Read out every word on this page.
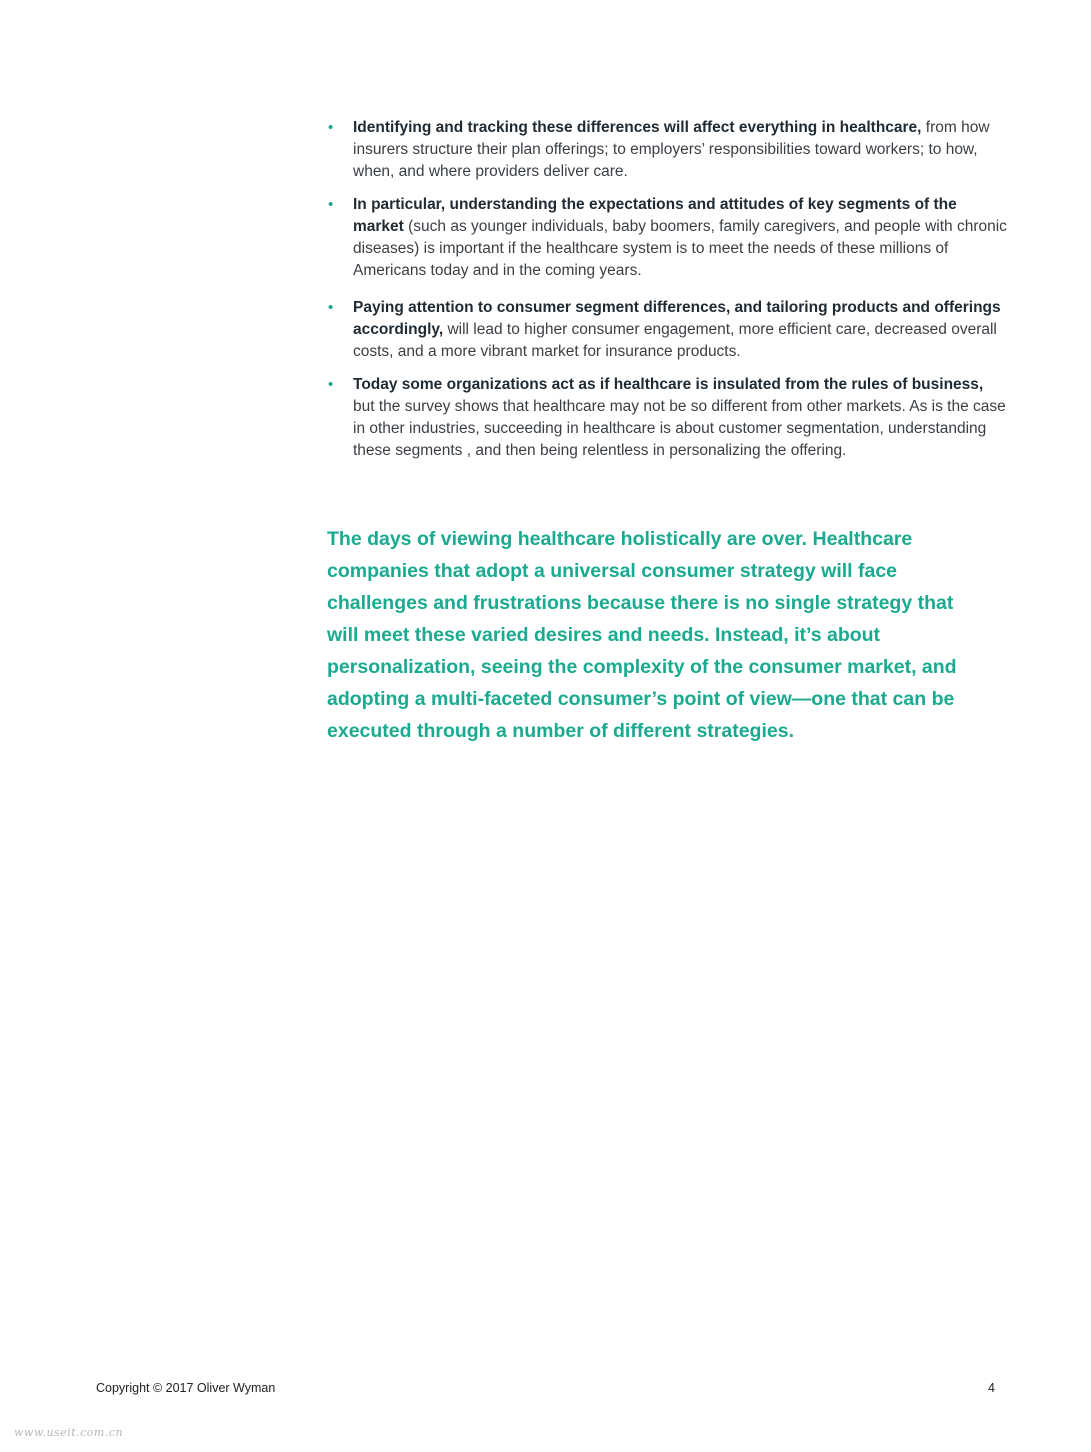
• Identifying and tracking these differences will affect everything in healthcare, from how insurers structure their plan offerings; to employers’ responsibilities toward workers; to how, when, and where providers deliver care.
• In particular, understanding the expectations and attitudes of key segments of the market (such as younger individuals, baby boomers, family caregivers, and people with chronic diseases) is important if the healthcare system is to meet the needs of these millions of Americans today and in the coming years.
• Paying attention to consumer segment differences, and tailoring products and offerings accordingly, will lead to higher consumer engagement, more efficient care, decreased overall costs, and a more vibrant market for insurance products.
• Today some organizations act as if healthcare is insulated from the rules of business, but the survey shows that healthcare may not be so different from other markets. As is the case in other industries, succeeding in healthcare is about customer segmentation, understanding these segments , and then being relentless in personalizing the offering.

The days of viewing healthcare holistically are over. Healthcare companies that adopt a universal consumer strategy will face challenges and frustrations because there is no single strategy that will meet these varied desires and needs. Instead, it’s about personalization, seeing the complexity of the consumer market, and adopting a multi-faceted consumer’s point of view—one that can be executed through a number of different strategies.

Copyright © 2017 Oliver Wyman	4
www.useit.com.cn
